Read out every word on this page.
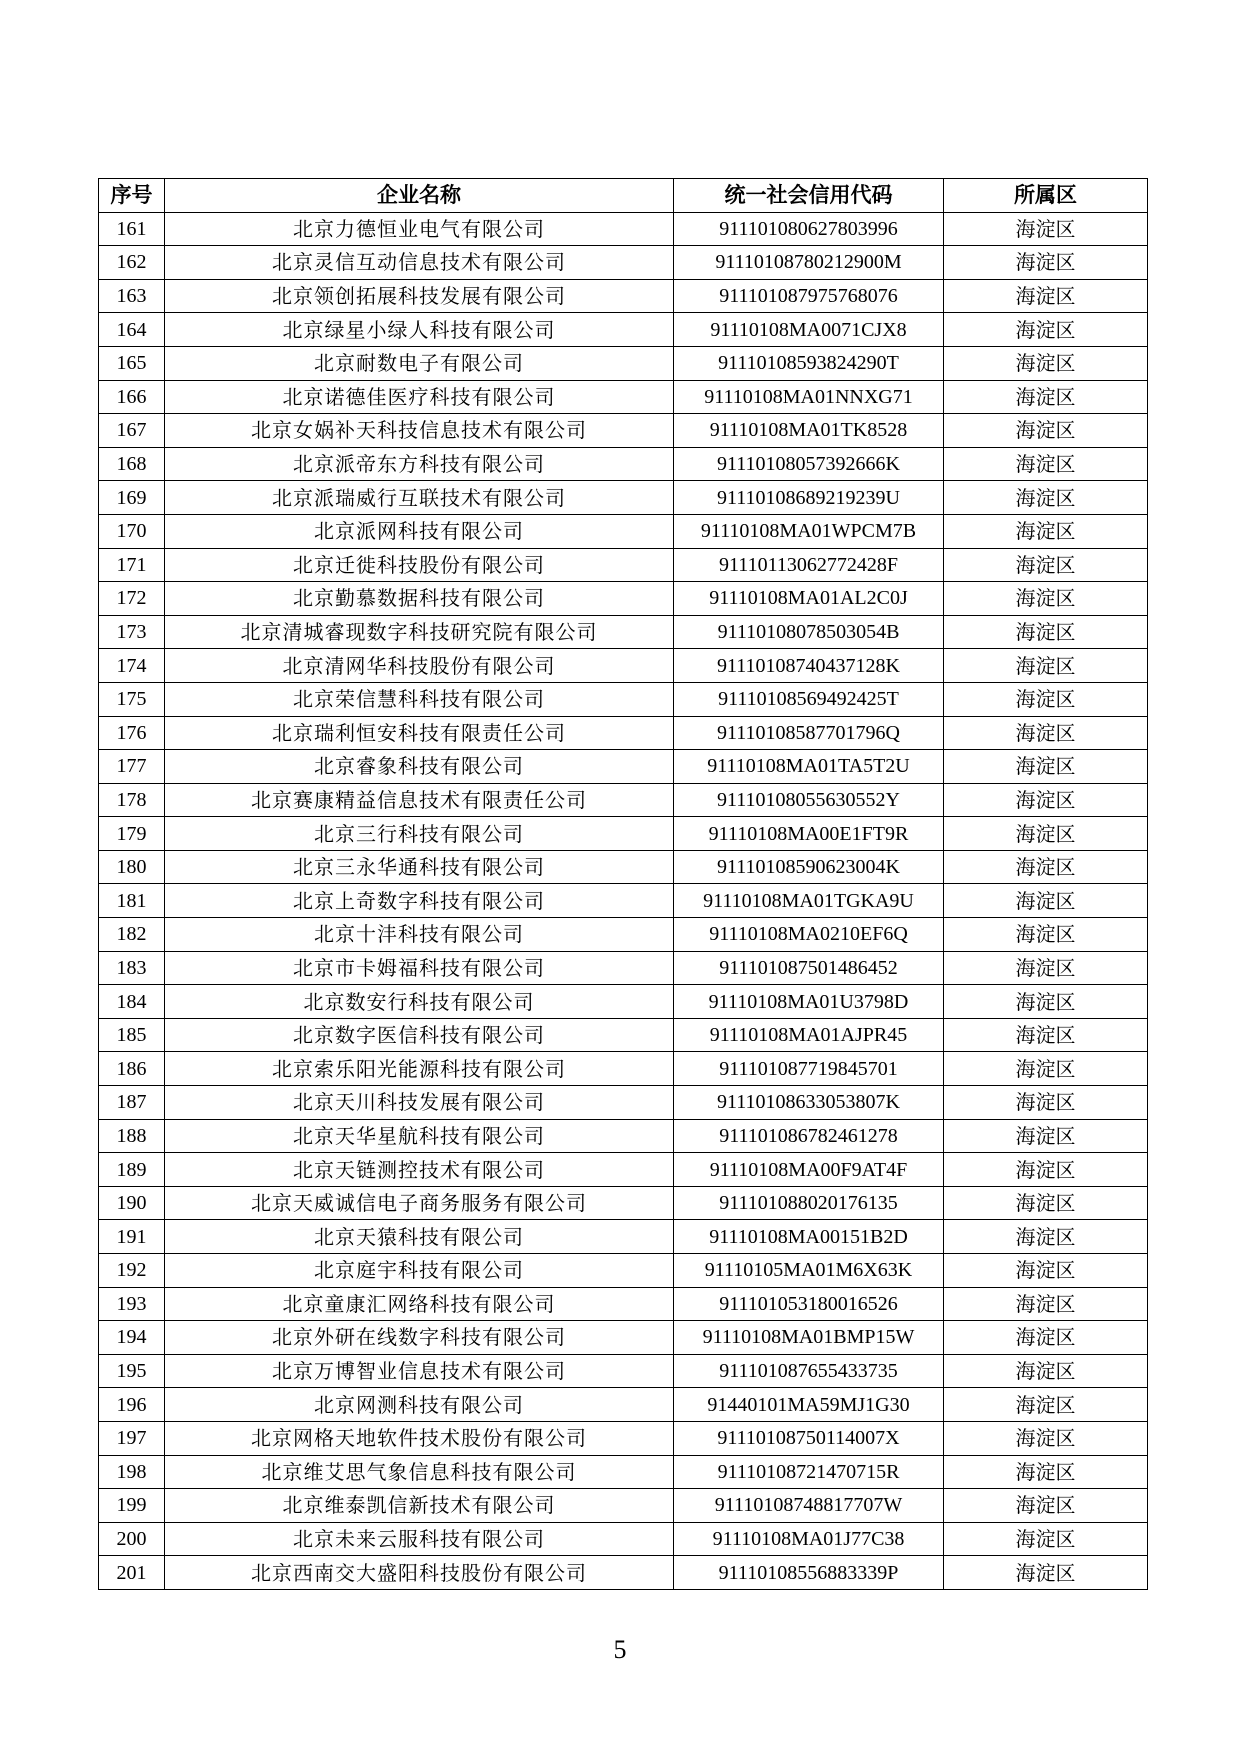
序号	企业名称	统一社会信用代码	所属区
161	北京力德恒业电气有限公司	911101080627803996	海淀区
162	北京灵信互动信息技术有限公司	91110108780212900M	海淀区
163	北京领创拓展科技发展有限公司	911101087975768076	海淀区
164	北京绿星小绿人科技有限公司	91110108MA0071CJX8	海淀区
165	北京耐数电子有限公司	91110108593824290T	海淀区
166	北京诺德佳医疗科技有限公司	91110108MA01NNXG71	海淀区
167	北京女娲补天科技信息技术有限公司	91110108MA01TK8528	海淀区
168	北京派帝东方科技有限公司	91110108057392666K	海淀区
169	北京派瑞威行互联技术有限公司	91110108689219239U	海淀区
170	北京派网科技有限公司	91110108MA01WPCM7B	海淀区
171	北京迁徙科技股份有限公司	91110113062772428F	海淀区
172	北京勤慕数据科技有限公司	91110108MA01AL2C0J	海淀区
173	北京清城睿现数字科技研究院有限公司	91110108078503054B	海淀区
174	北京清网华科技股份有限公司	91110108740437128K	海淀区
175	北京荣信慧科科技有限公司	91110108569492425T	海淀区
176	北京瑞利恒安科技有限责任公司	91110108587701796Q	海淀区
177	北京睿象科技有限公司	91110108MA01TA5T2U	海淀区
178	北京赛康精益信息技术有限责任公司	91110108055630552Y	海淀区
179	北京三行科技有限公司	91110108MA00E1FT9R	海淀区
180	北京三永华通科技有限公司	91110108590623004K	海淀区
181	北京上奇数字科技有限公司	91110108MA01TGKA9U	海淀区
182	北京十沣科技有限公司	91110108MA0210EF6Q	海淀区
183	北京市卡姆福科技有限公司	911101087501486452	海淀区
184	北京数安行科技有限公司	91110108MA01U3798D	海淀区
185	北京数字医信科技有限公司	91110108MA01AJPR45	海淀区
186	北京索乐阳光能源科技有限公司	911101087719845701	海淀区
187	北京天川科技发展有限公司	91110108633053807K	海淀区
188	北京天华星航科技有限公司	911101086782461278	海淀区
189	北京天链测控技术有限公司	91110108MA00F9AT4F	海淀区
190	北京天威诚信电子商务服务有限公司	911101088020176135	海淀区
191	北京天猿科技有限公司	91110108MA00151B2D	海淀区
192	北京庭宇科技有限公司	91110105MA01M6X63K	海淀区
193	北京童康汇网络科技有限公司	911101053180016526	海淀区
194	北京外研在线数字科技有限公司	91110108MA01BMP15W	海淀区
195	北京万博智业信息技术有限公司	911101087655433735	海淀区
196	北京网测科技有限公司	91440101MA59MJ1G30	海淀区
197	北京网格天地软件技术股份有限公司	91110108750114007X	海淀区
198	北京维艾思气象信息科技有限公司	91110108721470715R	海淀区
199	北京维泰凯信新技术有限公司	91110108748817707W	海淀区
200	北京未来云服科技有限公司	91110108MA01J77C38	海淀区
201	北京西南交大盛阳科技股份有限公司	91110108556883339P	海淀区
5
